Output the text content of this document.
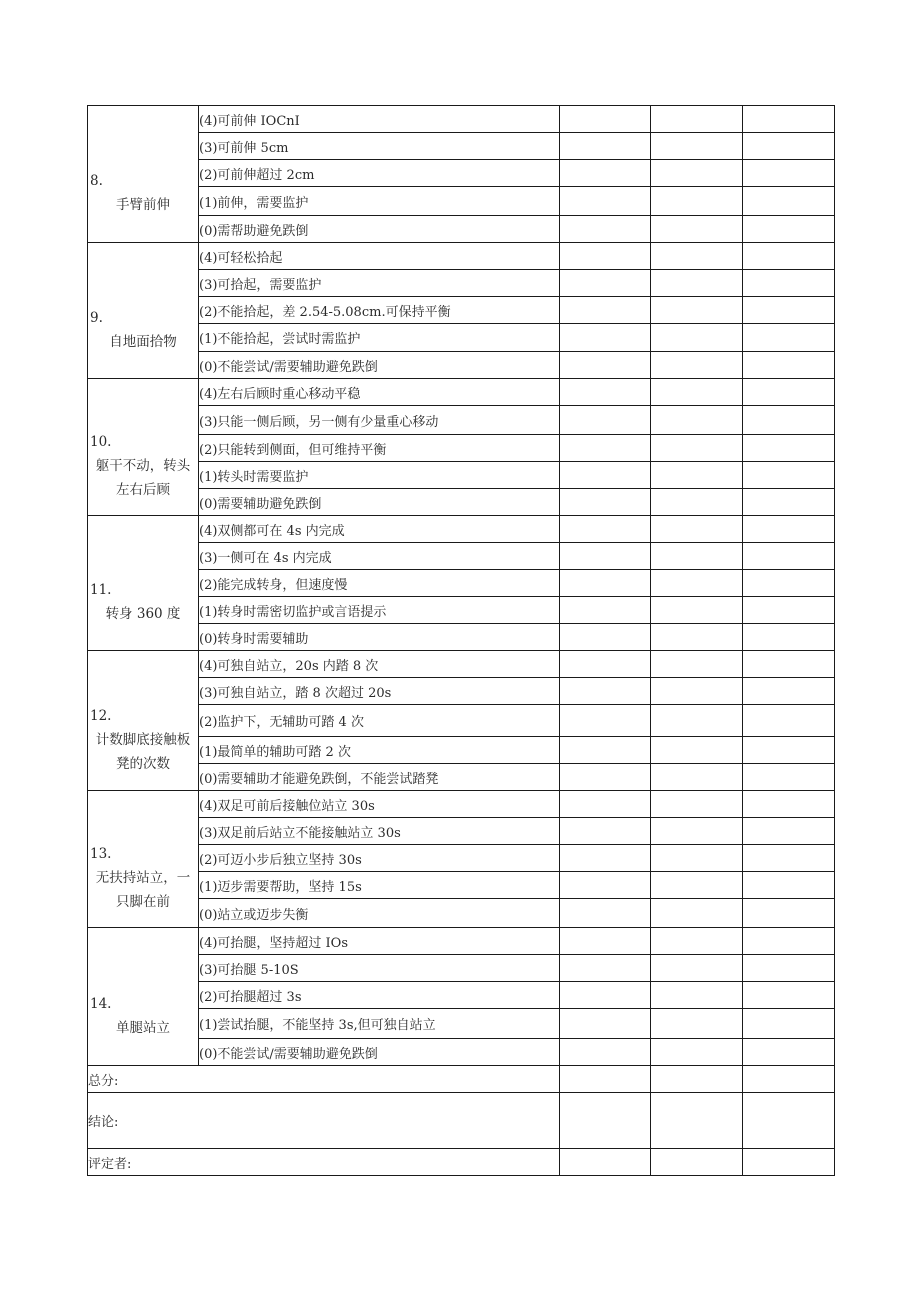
8.
手臂前伸	(4)可前伸 IOCnI			
	(3)可前伸 5cm			
	(2)可前伸超过 2cm			
	(1)前伸，需要监护			
	(0)需帮助避免跌倒			

9.
自地面拾物	(4)可轻松拾起			
	(3)可拾起，需要监护			
	(2)不能拾起，差 2.54-5.08cm.可保持平衡			
	(1)不能拾起，尝试时需监护			
	(0)不能尝试/需要辅助避免跌倒			

10.
躯干不动，转头左右后顾	(4)左右后顾时重心移动平稳			
	(3)只能一侧后顾，另一侧有少量重心移动			
	(2)只能转到侧面，但可维持平衡			
	(1)转头时需要监护			
	(0)需要辅助避免跌倒			

11.
转身 360 度	(4)双侧都可在 4s 内完成			
	(3)一侧可在 4s 内完成			
	(2)能完成转身，但速度慢			
	(1)转身时需密切监护或言语提示			
	(0)转身时需要辅助			

12.
计数脚底接触板凳的次数	(4)可独自站立，20s 内踏 8 次			
	(3)可独自站立，踏 8 次超过 20s			
	(2)监护下，无辅助可踏 4 次			
	(1)最简单的辅助可踏 2 次			
	(0)需要辅助才能避免跌倒，不能尝试踏凳			

13.
无扶持站立，一只脚在前	(4)双足可前后接触位站立 30s			
	(3)双足前后站立不能接触站立 30s			
	(2)可迈小步后独立坚持 30s			
	(1)迈步需要帮助，坚持 15s			
	(0)站立或迈步失衡			

14.
单腿站立	(4)可抬腿，坚持超过 IOs			
	(3)可抬腿 5-10S			
	(2)可抬腿超过 3s			
	(1)尝试抬腿，不能坚持 3s,但可独自站立			
	(0)不能尝试/需要辅助避免跌倒			
总分:				
结论:				
评定者:				
